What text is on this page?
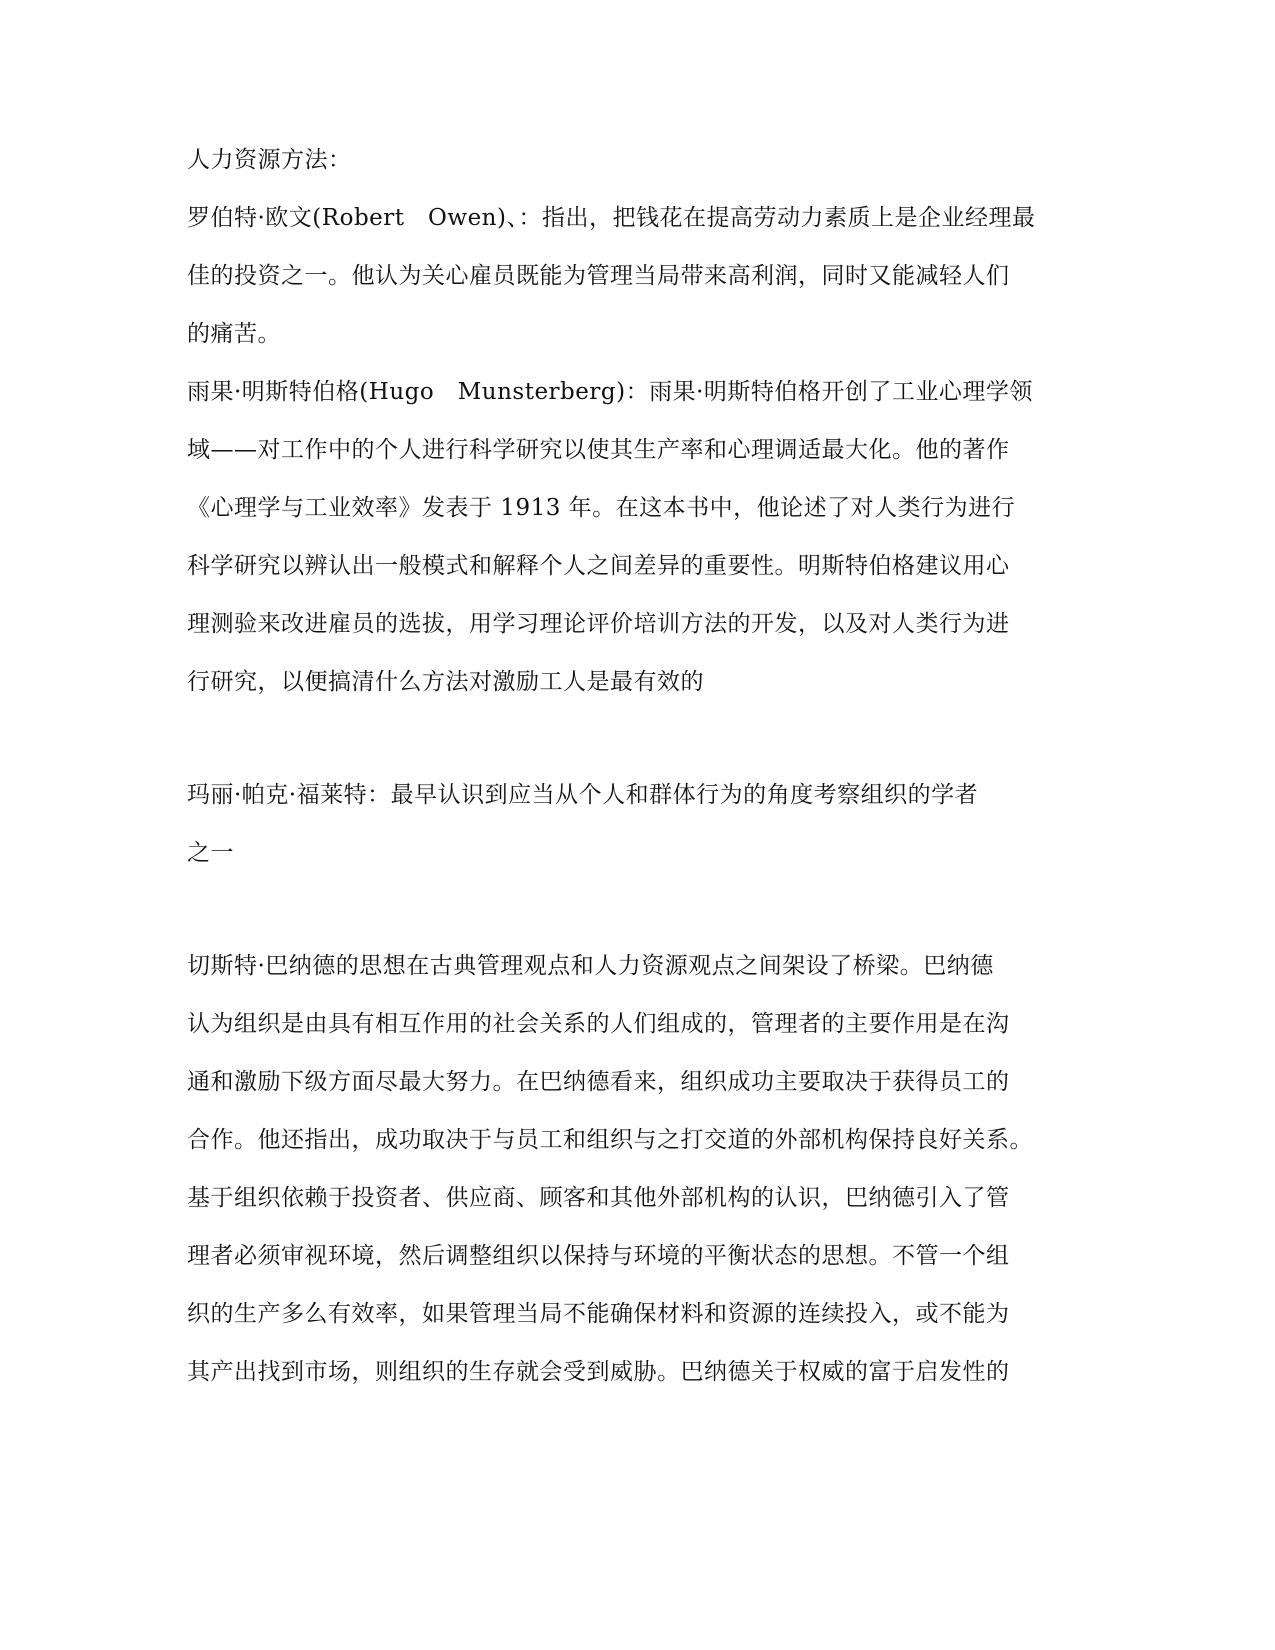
人力资源方法：
罗伯特·欧文(Robert　Owen)、：指出，把钱花在提高劳动力素质上是企业经理最
佳的投资之一。他认为关心雇员既能为管理当局带来高利润，同时又能减轻人们
的痛苦。
雨果·明斯特伯格(Hugo　Munsterberg)：雨果·明斯特伯格开创了工业心理学领
域——对工作中的个人进行科学研究以使其生产率和心理调适最大化。他的著作
《心理学与工业效率》发表于 1913 年。在这本书中，他论述了对人类行为进行
科学研究以辨认出一般模式和解释个人之间差异的重要性。明斯特伯格建议用心
理测验来改进雇员的选拔，用学习理论评价培训方法的开发，以及对人类行为进
行研究，以便搞清什么方法对激励工人是最有效的
玛丽·帕克·福莱特：最早认识到应当从个人和群体行为的角度考察组织的学者
之一
切斯特·巴纳德的思想在古典管理观点和人力资源观点之间架设了桥梁。巴纳德
认为组织是由具有相互作用的社会关系的人们组成的，管理者的主要作用是在沟
通和激励下级方面尽最大努力。在巴纳德看来，组织成功主要取决于获得员工的
合作。他还指出，成功取决于与员工和组织与之打交道的外部机构保持良好关系。
基于组织依赖于投资者、供应商、顾客和其他外部机构的认识，巴纳德引入了管
理者必须审视环境，然后调整组织以保持与环境的平衡状态的思想。不管一个组
织的生产多么有效率，如果管理当局不能确保材料和资源的连续投入，或不能为
其产出找到市场，则组织的生存就会受到威胁。巴纳德关于权威的富于启发性的
